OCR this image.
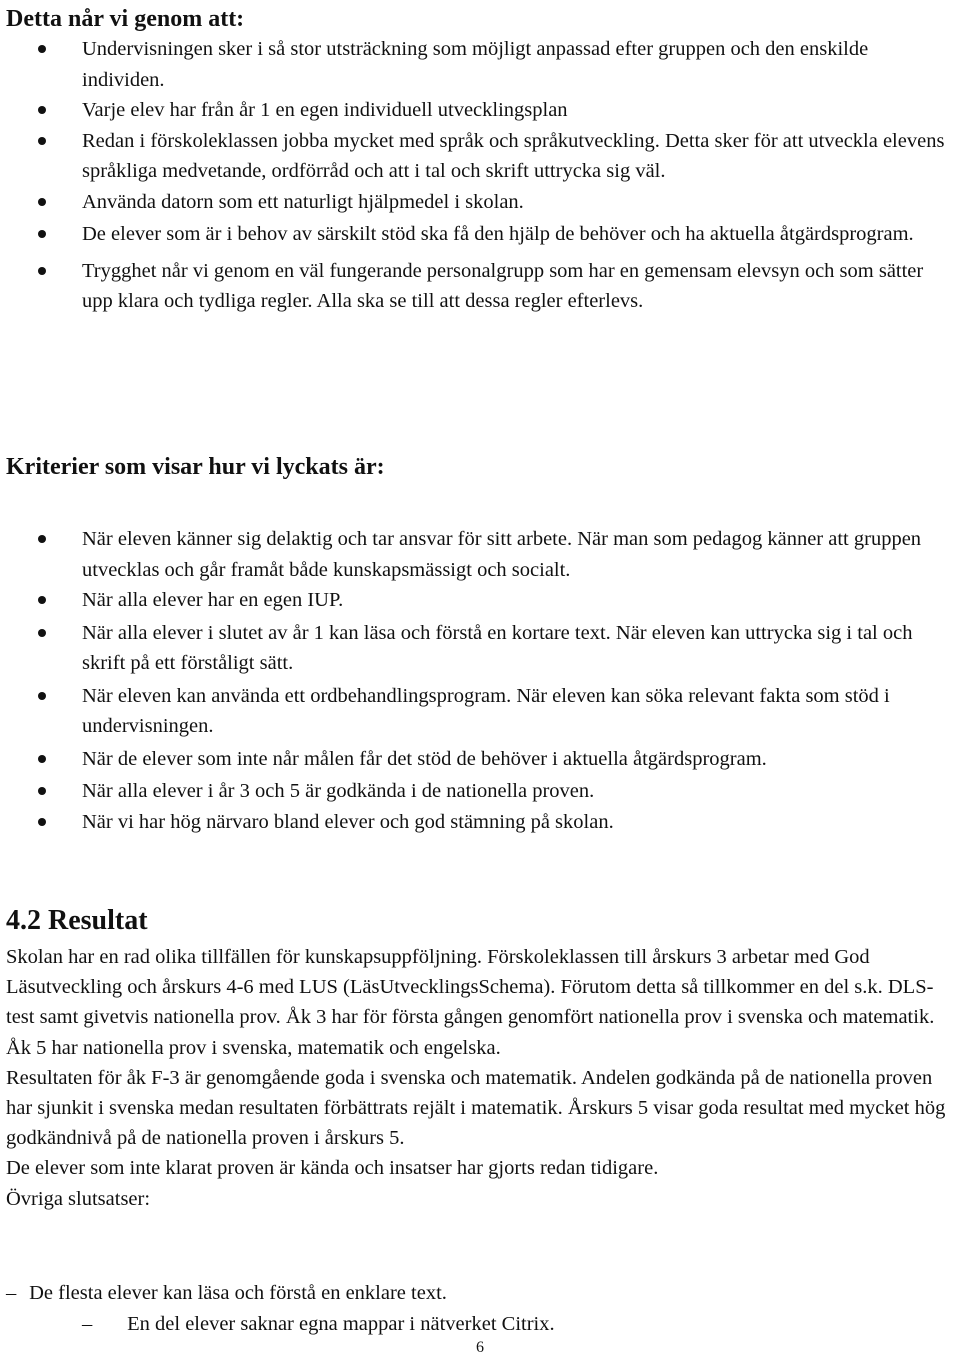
Detta når vi genom att:
Undervisningen sker i så stor utsträckning som möjligt anpassad efter gruppen och den enskilde individen.
Varje elev har från år 1 en egen individuell utvecklingsplan
Redan i förskoleklassen jobba mycket med språk och språkutveckling. Detta sker för att utveckla elevens språkliga medvetande, ordförråd och att i tal och skrift uttrycka sig väl.
Använda datorn som ett naturligt hjälpmedel i skolan.
De elever som är i behov av särskilt stöd ska få den hjälp de behöver och ha aktuella åtgärdsprogram.
Trygghet når vi genom en väl fungerande personalgrupp som har en gemensam elevsyn och som sätter upp klara och tydliga regler. Alla ska se till att dessa regler efterlevs.
Kriterier som visar hur vi lyckats är:
När eleven känner sig delaktig och tar ansvar för sitt arbete. När man som pedagog känner att gruppen utvecklas och går framåt både kunskapsmässigt och socialt.
När alla elever har en egen IUP.
När alla elever i slutet av år 1 kan läsa och förstå en kortare text. När eleven kan uttrycka sig i tal och skrift på ett förståligt sätt.
När eleven kan använda ett ordbehandlingsprogram. När eleven kan söka relevant fakta som stöd i undervisningen.
När de elever som inte når målen får det stöd de behöver i aktuella åtgärdsprogram.
När alla elever i år 3 och 5 är godkända i de nationella proven.
När vi har hög närvaro bland elever och god stämning på skolan.
4.2 Resultat

Skolan har en rad olika tillfällen för kunskapsuppföljning. Förskoleklassen till årskurs 3 arbetar med God Läsutveckling och årskurs 4-6 med LUS (LäsUtvecklingsSchema). Förutom detta så tillkommer en del s.k. DLS-test samt givetvis nationella prov. Åk 3 har för första gången genomfört nationella prov i svenska och matematik. Åk 5 har nationella prov i svenska, matematik och engelska.

Resultaten för åk F-3 är genomgående goda i svenska och matematik. Andelen godkända på de nationella proven har sjunkit i svenska medan resultaten förbättrats rejält i matematik. Årskurs 5 visar goda resultat med mycket hög godkändnivå på de nationella proven i årskurs 5.

De elever som inte klarat proven är kända och insatser har gjorts redan tidigare.

Övriga slutsatser:

– De flesta elever kan läsa och förstå en enklare text.
– En del elever saknar egna mappar i nätverket Citrix.
6
